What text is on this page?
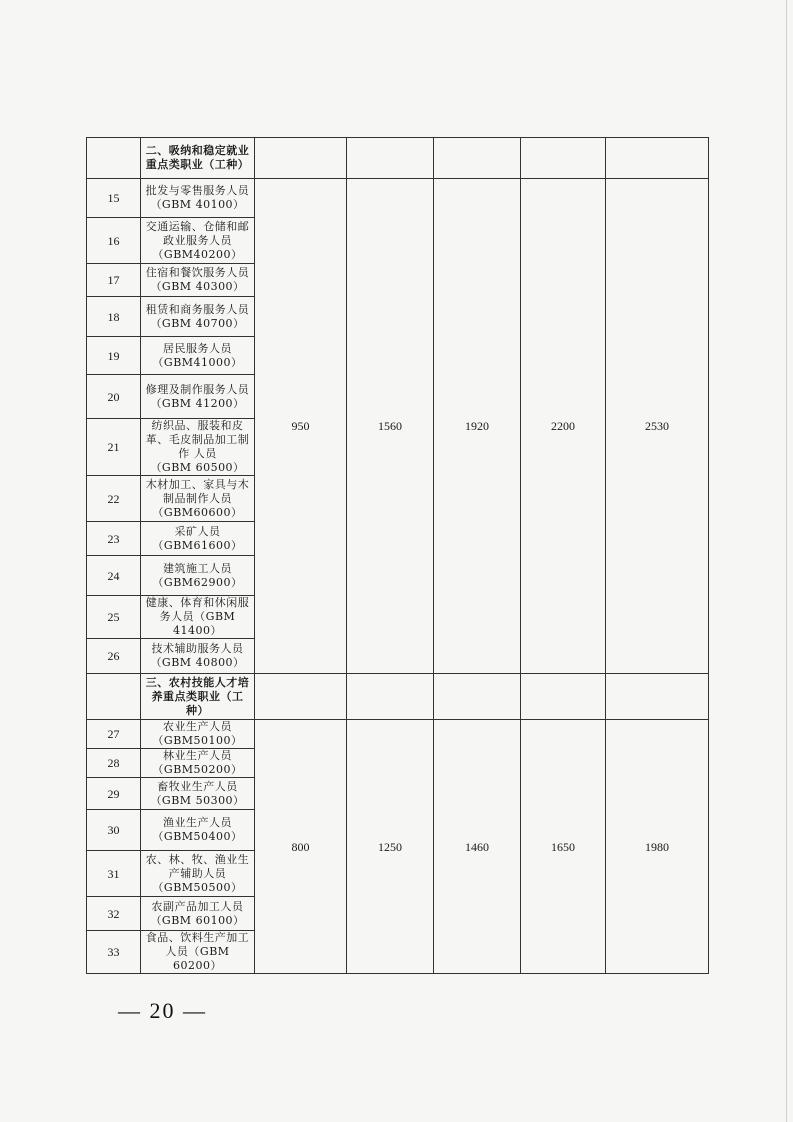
	二、吸纳和稳定就业重点类职业（工种）					
15	批发与零售服务人员
（GBM 40100）	950	1560	1920	2200	2530
16	交通运输、仓储和邮
政业服务人员
（GBM40200）					

17	住宿和餐饮服务人员
（GBM 40300）					

18	租赁和商务服务人员
（GBM 40700）					

19	居民服务人员
（GBM41000）					

20	修理及制作服务人员
（GBM 41200）					

21	纺织品、服装和皮
革、毛皮制品加工制
作 人员
（GBM 60500）					

22	木材加工、家具与木
制品制作人员
（GBM60600）					

23	采矿人员
（GBM61600）					

24	建筑施工人员
（GBM62900）					

25	健康、体育和休闲服
务人员（GBM 41400）					

26	技术辅助服务人员
（GBM 40800）					

	三、农村技能人才培养重点类职业（工种）					
27	农业生产人员
（GBM50100）	800	1250	1460	1650	1980
28	林业生产人员
（GBM50200）					

29	畜牧业生产人员
（GBM 50300）					

30	渔业生产人员
（GBM50400）					

31	农、林、牧、渔业生
产辅助人员
（GBM50500）					

32	农副产品加工人员
（GBM 60100）					

33	食品、饮料生产加工
人员（GBM 60200）					
— 20 —
